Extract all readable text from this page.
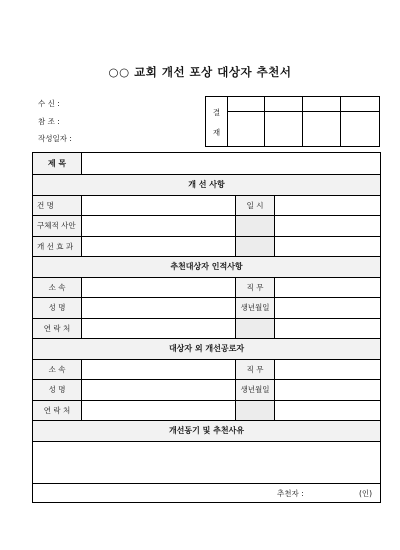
○○ 교회 개선 포상 대상자 추천서
수 신 :
참 조 :
작성일자 :
결
재
제 목			
개 선 사항			
건 명		일 시	
구체적 사안			
개 선 효 과			
추천대상자 인적사항			
소 속		직 무	
성 명		생년월일	
연 락 처			
대상자 외 개선공로자			
소 속		직 무	
성 명		생년월일	
연 락 처			
개선동기 및 추천사유			

추천자 : (인)			
